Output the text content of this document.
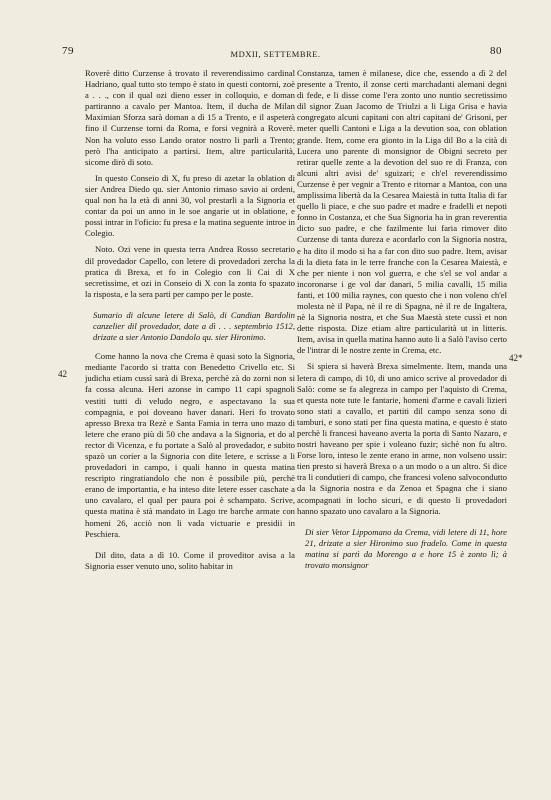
79	MDXII, SETTEMBRE.	80
42
42*

Roverè ditto Curzense à trovato il reverendissimo cardinal Hadriano, qual tutto sto tempo è stato in questi contorni, zoè a . . ., con il qual ozi dieno esser in colloquio, e doman partiranno a cavalo per Mantoa. Item, il ducha de Milan Maximian Sforza sarà doman a dì 15 a Trento, e il aspeterà fino il Curzense torni da Roma, e forsi vegnirà a Roverè. Non ha voluto esso Lando orator nostro li parli a Trento; però l'ha anticipato a partirsi. Item, altre particularità, sicome dirò di soto.

In questo Conseio di X, fu preso di azetar la oblation di sier Andrea Diedo qu. sier Antonio rimaso savio ai ordeni, qual non ha la età di anni 30, vol prestarli a la Signoria et contar da poi un anno in le soe angarie ut in oblatione, e possi intrar in l'oficio: fu presa e la matina seguente introe in Colegio.

Noto. Ozi vene in questa terra Andrea Rosso secretario dil provedador Capello, con letere di provedadori zercha la pratica di Brexa, et fo in Colegio con li Cai di X secretissime, et ozi in Conseio di X con la zonta fo spazato la risposta, e la sera parti per campo per le poste.

Sumario di alcune letere di Salò, di Candian Bardolin canzelier dil provedador, date a dì . . . septembrio 1512, drizate a sier Antonio Dandolo qu. sier Hironimo.

Come hanno la nova che Crema è quasi soto la Signoria, mediante l'acordo si tratta con Benedetto Crivello etc. Si judicha etiam cussì sarà di Brexa, perchè zà do zorni non si fa cossa alcuna. Heri azonse in campo 11 capi spagnoli vestiti tutti di veludo negro, e aspectavano la sua compagnia, e poi doveano haver danari. Heri fo trovato apresso Brexa tra Rezè e Santa Famia in terra uno mazo di letere che erano più di 50 che andava a la Signoria, et do al rector di Vicenza, e fu portate a Salò al provedador, e subito spazò un corier a la Signoria con dite letere, e scrisse a li provedadori in campo, i quali hanno in questa matina rescripto ringratiandolo che non è possibile più, perchè erano de importantia, e ha inteso dite letere esser caschate a uno cavalaro, el qual per paura poi è schampato. Scrive, questa matina è stà mandato in Lago tre barche armate con homeni 26, acciò non li vada victuarie e presidii in Peschiera.

Dil dito, data a dì 10. Come il proveditor avisa a la Signoria esser venuto uno, solito habitar in

Constanza, tamen è milanese, dice che, essendo a dì 2 del presente a Trento, il zonse certi marchadanti alemani degni di fede, e li disse come l'era zonto uno nuntio secretissimo dil signor Zuan Jacomo de Triulzi a li Liga Grisa e havia congregato alcuni capitani con altri capitani de' Grisoni, per meter quelli Cantoni e Liga a la devution soa, con oblation grande. Item, come era gionto in la Liga dil Bo a la cità di Lucera uno parente di monsignor de Obigni secreto per retirar quelle zente a la devotion del suo re di Franza, con alcuni altri avisi de' sguizari; e ch'el reverendissimo Curzense è per vegnir a Trento e ritornar a Mantoa, con una amplissima libertà da la Cesarea Maiestà in tutta Italia di far quello li piace, e che suo padre et madre e fradelli et nepoti fonno in Costanza, et che Sua Signoria ha in gran reverentia dicto suo padre, e che fazilmente lui faria rimover dito Curzense di tanta dureza e acordarlo con la Signoria nostra, e ha dito il modo si ha a far con dito suo padre. Item, avisar di la dieta fata in le terre franche con la Cesarea Maiestà, e che per niente i non vol guerra, e che s'el se vol andar a incoronarse i ge vol dar danari, 5 milia cavalli, 15 milia fanti, et 100 milia raynes, con questo che i non voleno ch'el molesta nè il Papa, nè il re di Spagna, nè il re de Ingaltera, nè la Signoria nostra, et che Sua Maestà stete cussì et non dette risposta. Dize etiam altre particularità ut in litteris. Item, avisa in quella matina hanno auto li a Salò l'aviso certo de l'intrar di le nostre zente in Crema, etc.

Si spiera si haverà Brexa simelmente. Item, manda una letera di campo, di 10, di uno amico scrive al provedador di Salò: come se fa alegreza in campo per l'aquisto di Crema, et questa note tute le fantarie, homeni d'arme e cavali lizieri sono stati a cavallo, et partiti dil campo senza sono di tamburi, e sono stati per fina questa matina, e questo è stato perchè li francesi haveano averta la porta di Santo Nazaro, e nostri haveano per spie i voleano fuzir; sichè non fu altro. Forse loro, inteso le zente erano in arme, non volseno ussir: tien presto si haverà Brexa o a un modo o a un altro. Si dice tra li condutieri di campo, che francesi voleno salvocondutto da la Signoria nostra e da Zenoa et Spagna che i siano acompagnati in locho sicuri, e di questo li provedadori hanno spazato uno cavalaro a la Signoria.

Di sier Vetor Lippomano da Crema, vidi letere di 11, hore 21, drizate a sier Hironimo suo fradelo. Come in questa matina si partì da Morengo a e hore 15 è zonto lì; à trovato monsignor
